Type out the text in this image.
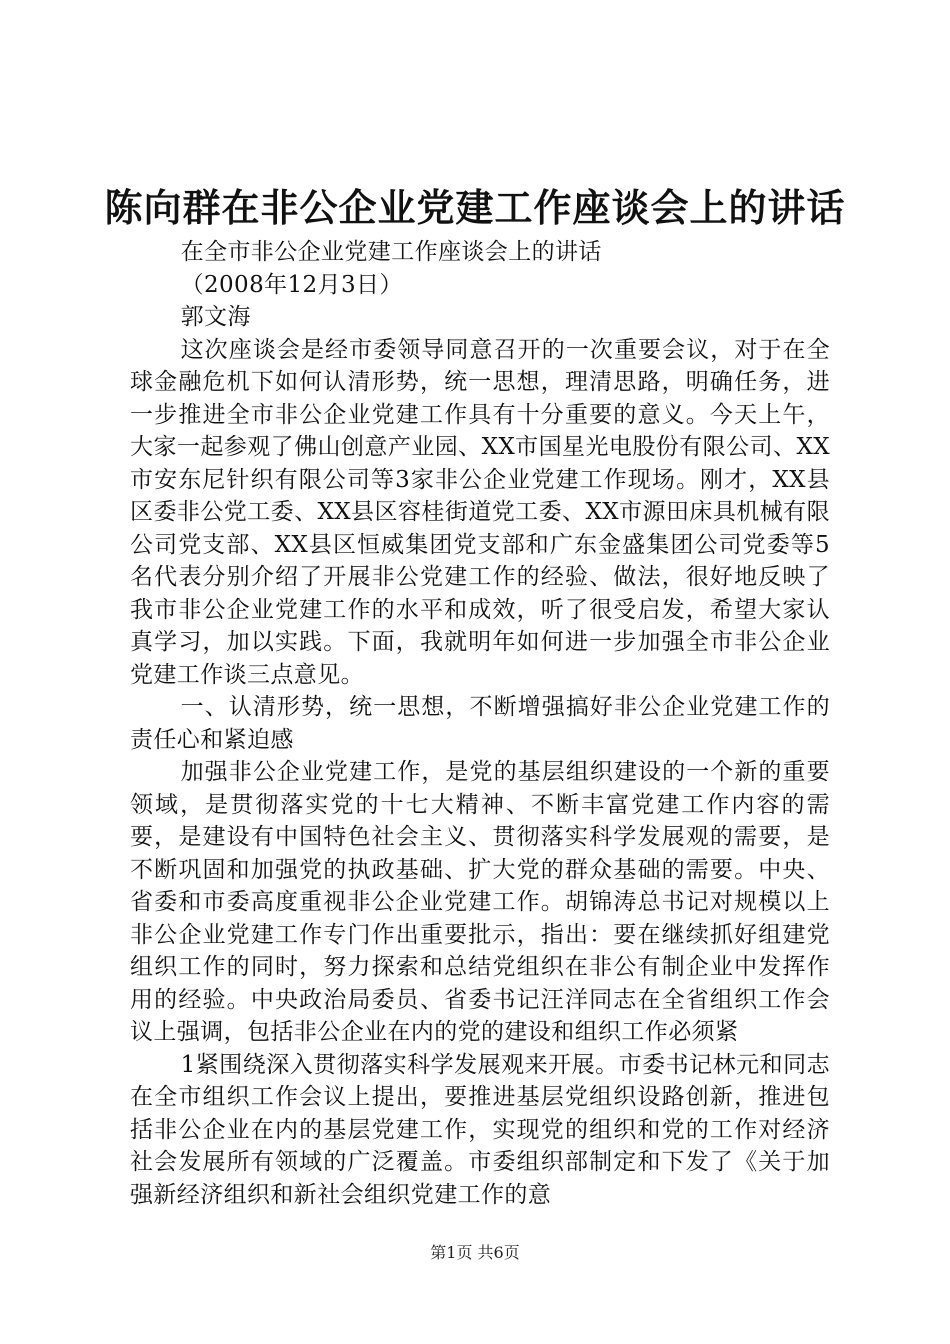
陈向群在非公企业党建工作座谈会上的讲话

在全市非公企业党建工作座谈会上的讲话

（2008年12月3日）

郭文海

这次座谈会是经市委领导同意召开的一次重要会议，对于在全球金融危机下如何认清形势，统一思想，理清思路，明确任务，进一步推进全市非公企业党建工作具有十分重要的意义。今天上午，大家一起参观了佛山创意产业园、XX市国星光电股份有限公司、XX市安东尼针织有限公司等3家非公企业党建工作现场。刚才，XX县区委非公党工委、XX县区容桂街道党工委、XX市源田床具机械有限公司党支部、XX县区恒威集团党支部和广东金盛集团公司党委等5名代表分别介绍了开展非公党建工作的经验、做法，很好地反映了我市非公企业党建工作的水平和成效，听了很受启发，希望大家认真学习，加以实践。下面，我就明年如何进一步加强全市非公企业党建工作谈三点意见。

一、认清形势，统一思想，不断增强搞好非公企业党建工作的责任心和紧迫感

加强非公企业党建工作，是党的基层组织建设的一个新的重要领域，是贯彻落实党的十七大精神、不断丰富党建工作内容的需要，是建设有中国特色社会主义、贯彻落实科学发展观的需要，是不断巩固和加强党的执政基础、扩大党的群众基础的需要。中央、省委和市委高度重视非公企业党建工作。胡锦涛总书记对规模以上非公企业党建工作专门作出重要批示，指出：要在继续抓好组建党组织工作的同时，努力探索和总结党组织在非公有制企业中发挥作用的经验。中央政治局委员、省委书记汪洋同志在全省组织工作会议上强调，包括非公企业在内的党的建设和组织工作必须紧

1紧围绕深入贯彻落实科学发展观来开展。市委书记林元和同志在全市组织工作会议上提出，要推进基层党组织设路创新，推进包括非公企业在内的基层党建工作，实现党的组织和党的工作对经济社会发展所有领域的广泛覆盖。市委组织部制定和下发了《关于加强新经济组织和新社会组织党建工作的意

第1页 共6页
